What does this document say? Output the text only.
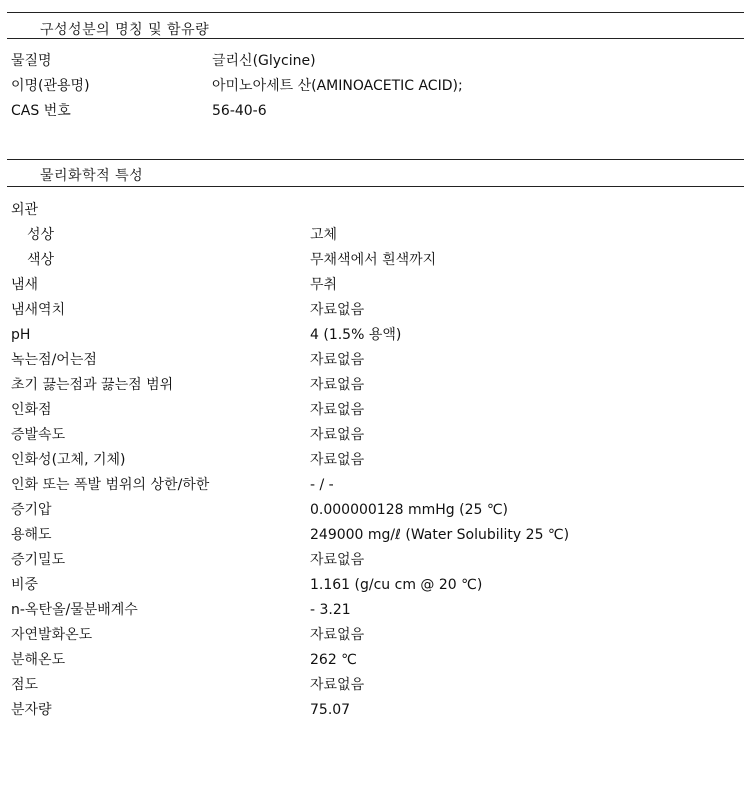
구성성분의 명칭 및 함유량
물질명	글리신(Glycine)
이명(관용명)	아미노아세트 산(AMINOACETIC ACID);
CAS 번호	56-40-6
물리화학적 특성
외관
성상	고체
색상	무채색에서 흰색까지
냄새	무취
냄새역치	자료없음
pH	4 (1.5% 용액)
녹는점/어는점	자료없음
초기 끓는점과 끓는점 범위	자료없음
인화점	자료없음
증발속도	자료없음
인화성(고체, 기체)	자료없음
인화 또는 폭발 범위의 상한/하한	- / -
증기압	0.000000128 mmHg (25 ℃)
용해도	249000 mg/ℓ (Water Solubility 25 ℃)
증기밀도	자료없음
비중	1.161 (g/cu cm @ 20 ℃)
n-옥탄올/물분배계수	- 3.21
자연발화온도	자료없음
분해온도	262 ℃
점도	자료없음
분자량	75.07
